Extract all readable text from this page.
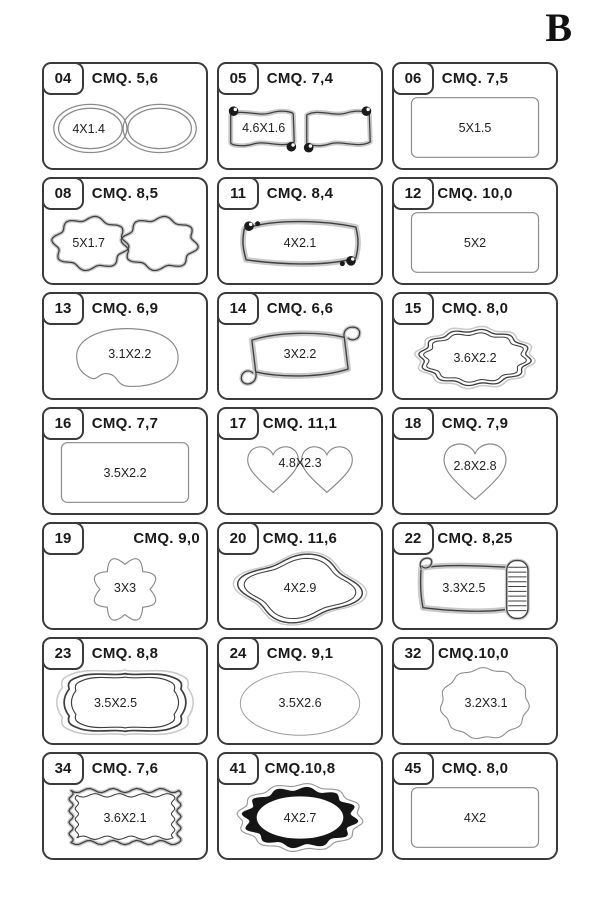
B
04	CMQ. 5,6
4X1.4
05	CMQ. 7,4
4.6X1.6
06	CMQ. 7,5
5X1.5
08	CMQ. 8,5
5X1.7
11	CMQ. 8,4
4X2.1
12	CMQ. 10,0
5X2
13	CMQ. 6,9
3.1X2.2
14	CMQ. 6,6
3X2.2
15	CMQ. 8,0
3.6X2.2
16	CMQ. 7,7
3.5X2.2
17	CMQ. 11,1
4.8X2.3
18	CMQ. 7,9
2.8X2.8
19	CMQ. 9,0
3X3
20	CMQ. 11,6
4X2.9
22	CMQ. 8,25
3.3X2.5
23	CMQ. 8,8
3.5X2.5
24	CMQ. 9,1
3.5X2.6
32	CMQ.10,0
3.2X3.1
34	CMQ. 7,6
3.6X2.1
41	CMQ.10,8
4X2.7
45	CMQ. 8,0
4X2
